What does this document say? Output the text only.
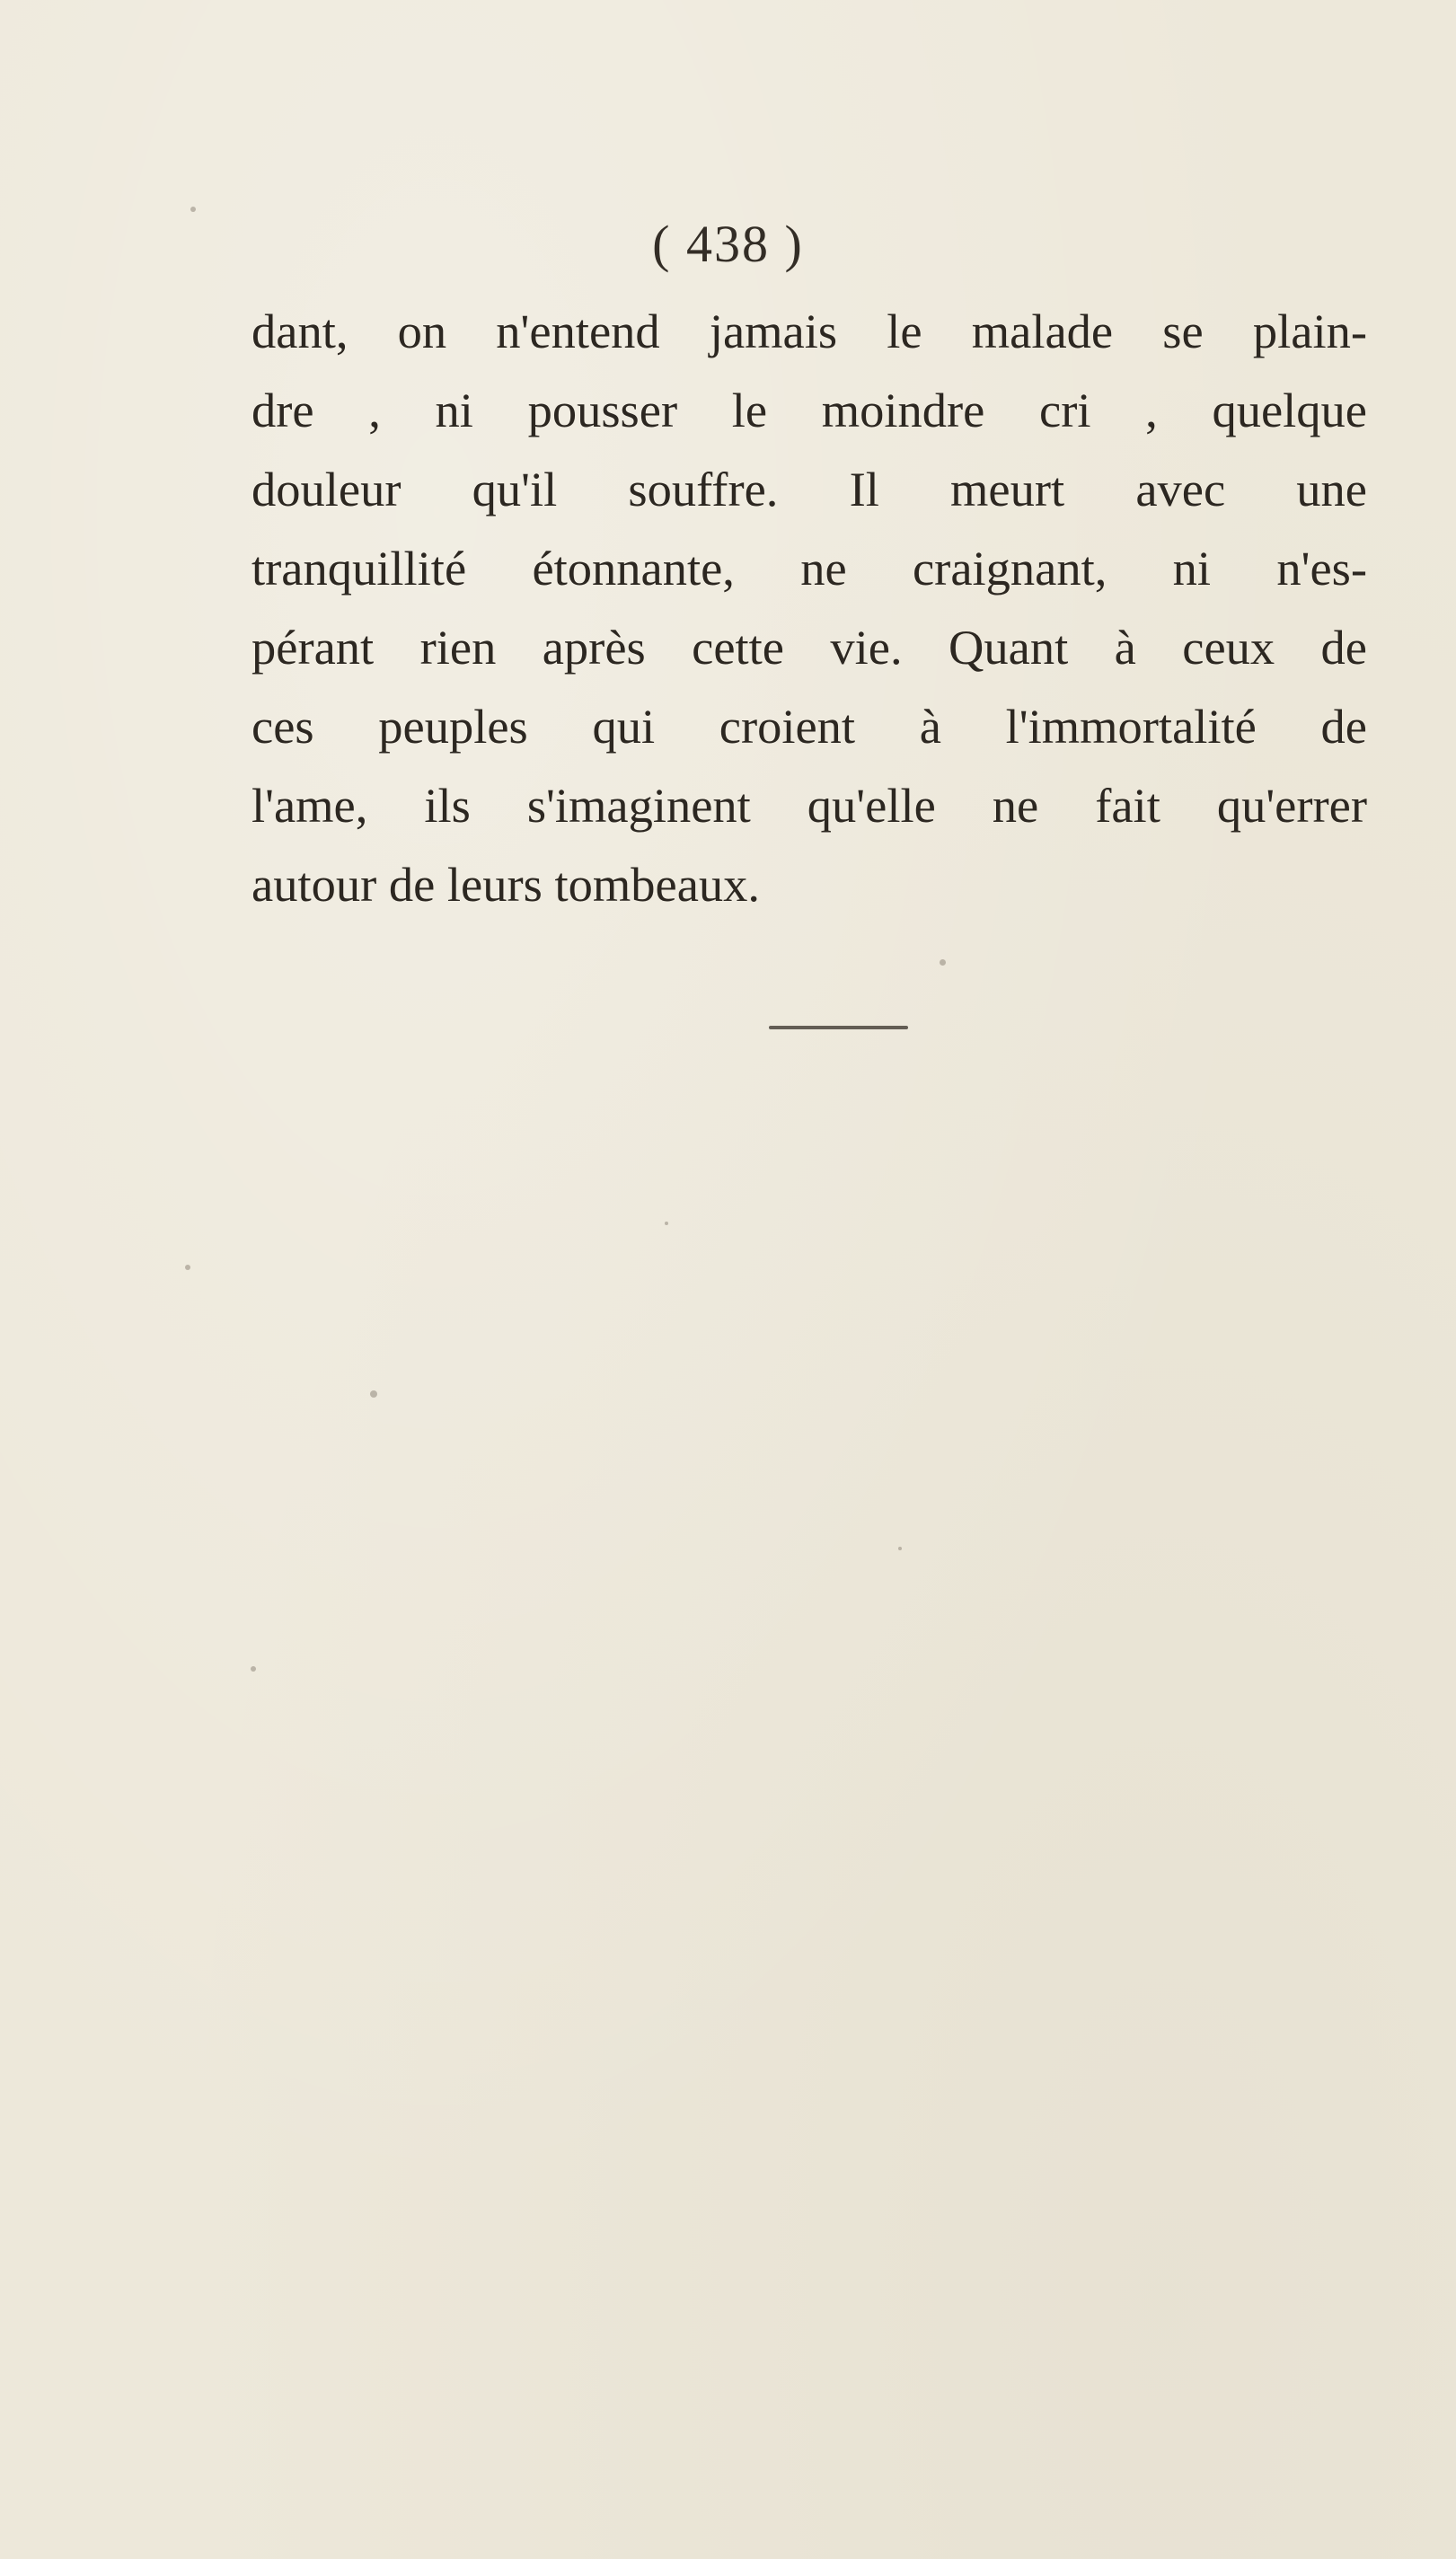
( 438 )
dant, on n'entend jamais le malade se plain-
dre , ni pousser le moindre cri , quelque
douleur qu'il souffre. Il meurt avec une
tranquillité étonnante, ne craignant, ni n'es-
pérant rien après cette vie. Quant à ceux de
ces peuples qui croient à l'immortalité de
l'ame, ils s'imaginent qu'elle ne fait qu'errer
autour de leurs tombeaux.
